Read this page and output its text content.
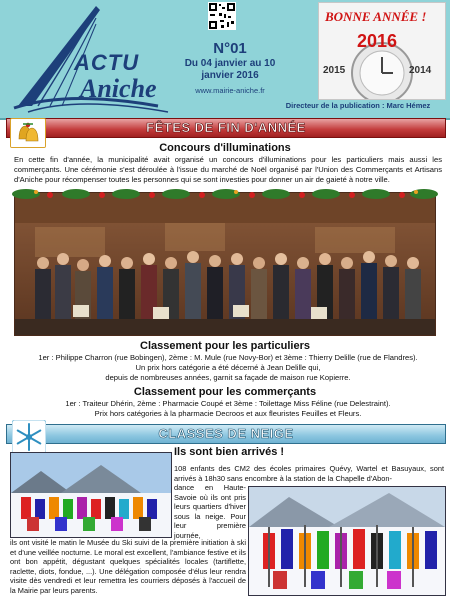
ACTU
Aniche
N°01
Du 04 janvier au 10 janvier 2016
www.mairie-aniche.fr
BONNE ANNÉE !
2016
2015	2014
Directeur de la publication : Marc Hémez
FÊTES DE FIN D'ANNÉE
Concours d'illuminations
En cette fin d'année, la municipalité avait organisé un concours d'illuminations pour les particuliers mais aussi les commerçants. Une cérémonie s'est déroulée à l'issue du marché de Noël organisé par l'Union des Commerçants et Artisans d'Aniche pour récompenser toutes les personnes qui se sont investies pour donner un air de gaieté à notre ville.
Classement pour les particuliers
1er : Philippe Charron (rue Bobingen), 2ème : M. Mule (rue Novy-Bor) et 3ème : Thierry Delille (rue de Flandres).
Un prix hors catégorie a été décerné à Jean Delille qui,
depuis de nombreuses années, garnit sa façade de maison rue Kopierre.
Classement pour les commerçants
1er : Traiteur Dhérin, 2ème : Pharmacie Coupé et 3ème : Toilettage Miss Féline (rue Delestraint).
Prix hors catégories à la pharmacie Decroos et aux fleuristes Feuilles et Fleurs.
CLASSES DE NEIGE
Ils sont bien arrivés !
108 enfants des CM2 des écoles primaires Quévy, Wartel et Basuyaux, sont arrivés à 18h30 sans encombre à la station de la Chapelle d'Abon-
dance en Haute-Savoie où ils ont pris leurs quartiers d'hiver sous la neige. Pour leur première journée,
ils ont visité le matin le Musée du Ski suivi de la première initiation à ski et d'une veillée nocturne. Le moral est excellent, l'ambiance festive et ils ont bon appétit, dégustant quelques spécialités locales (tartiflette, raclette, diots, fondue, ...). Une délégation composée d'élus leur rendra visite dès vendredi et leur remettra les courriers déposés à l'accueil de la Mairie par leurs parents.
